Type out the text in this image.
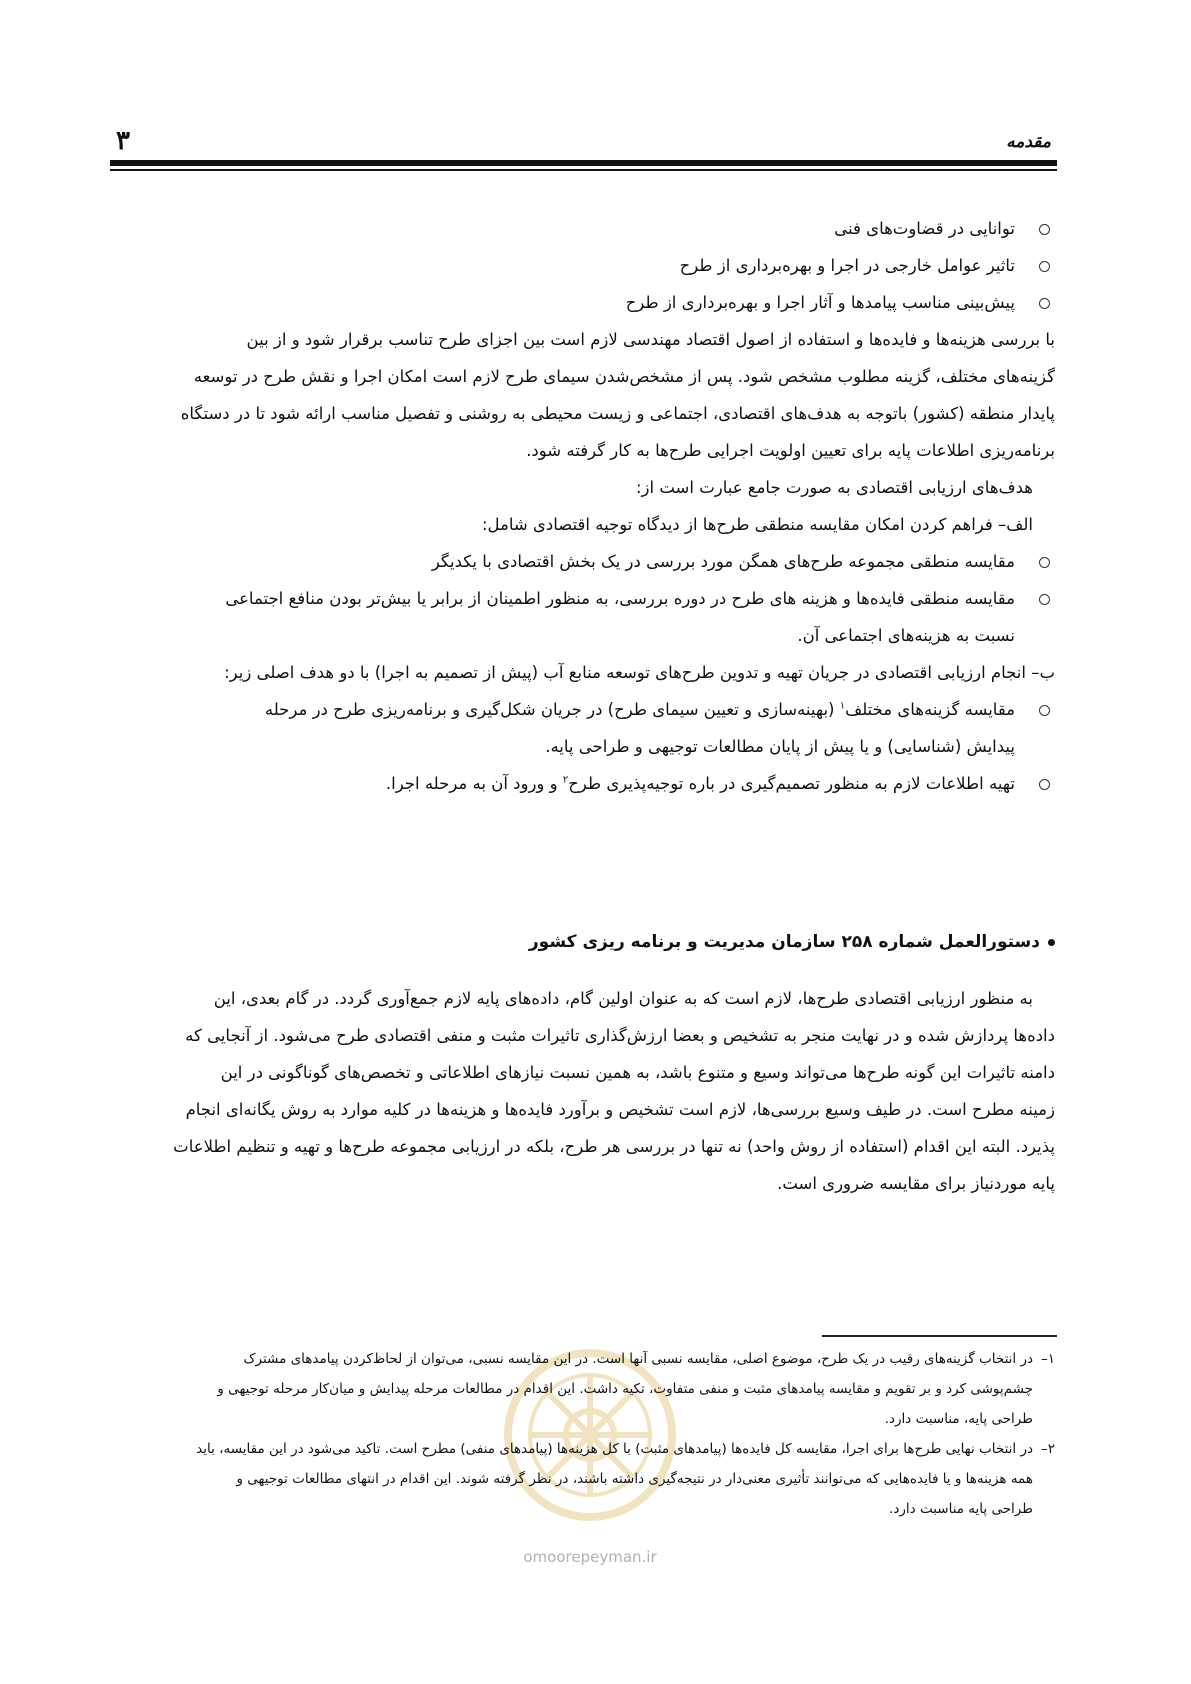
۳	مقدمه
توانایی در قضاوت‌های فنی
تاثیر عوامل خارجی در اجرا و بهره‌برداری از طرح
پیش‌بینی مناسب پیامدها و آثار اجرا و بهره‌برداری از طرح
با بررسی هزینه‌ها و فایده‌ها و استفاده از اصول اقتصاد مهندسی لازم است بین اجزای طرح تناسب برقرار شود و از بین
گزینه‌های مختلف، گزینه مطلوب مشخص شود. پس از مشخص‌شدن سیمای طرح لازم است امکان اجرا و نقش طرح در توسعه
پایدار منطقه (کشور) باتوجه به هدف‌های اقتصادی، اجتماعی و زیست محیطی به روشنی و تفصیل مناسب ارائه شود تا در دستگاه
برنامه‌ریزی اطلاعات پایه برای تعیین اولویت اجرایی طرح‌ها به کار گرفته شود.
هدف‌های ارزیابی اقتصادی به صورت جامع عبارت است از:
الف– فراهم کردن امکان مقایسه منطقی طرح‌ها از دیدگاه توجیه اقتصادی شامل:
مقایسه منطقی مجموعه طرح‌های همگن مورد بررسی در یک بخش اقتصادی با یکدیگر
مقایسه منطقی فایده‌ها و هزینه های طرح در دوره بررسی، به منظور اطمینان از برابر یا بیش‌تر بودن منافع اجتماعی
نسبت به هزینه‌های اجتماعی آن.
ب– انجام ارزیابی اقتصادی در جریان تهیه و تدوین طرح‌های توسعه منابع آب (پیش از تصمیم به اجرا) با دو هدف اصلی زیر:
مقایسه گزینه‌های مختلف$^۱$ (بهینه‌سازی و تعیین سیمای طرح) در جریان شکل‌گیری و برنامه‌ریزی طرح در مرحله
پیدایش (شناسایی) و یا پیش از پایان مطالعات توجیهی و طراحی پایه.
تهیه اطلاعات لازم به منظور تصمیم‌گیری در باره توجیه‌پذیری طرح$^۲$ و ورود آن به مرحله اجرا.
دستورالعمل شماره ۲۵۸ سازمان مدیریت و برنامه ریزی کشور
به منظور ارزیابی اقتصادی طرح‌ها، لازم است که به عنوان اولین گام، داده‌های پایه لازم جمع‌آوری گردد. در گام بعدی، این
داده‌ها پردازش شده و در نهایت منجر به تشخیص و بعضا ارزش‌گذاری تاثیرات مثبت و منفی اقتصادی طرح می‌شود. از آنجایی که
دامنه تاثیرات این گونه طرح‌ها می‌تواند وسیع و متنوع باشد، به همین نسبت نیازهای اطلاعاتی و تخصص‌های گوناگونی در این
زمینه مطرح است. در طیف وسیع بررسی‌ها، لازم است تشخیص و برآورد فایده‌ها و هزینه‌ها در کلیه موارد به روش یگانه‌ای انجام
پذیرد. البته این اقدام (استفاده از روش واحد) نه تنها در بررسی هر طرح، بلکه در ارزیابی مجموعه طرح‌ها و تهیه و تنظیم اطلاعات
پایه موردنیاز برای مقایسه ضروری است.
۱–
در انتخاب گزینه‌های رقیب در یک طرح، موضوع اصلی، مقایسه نسبی آنها است. در این مقایسه نسبی، می‌توان از لحاظ‌کردن پیامدهای مشترک
چشم‌پوشی کرد و بر تقویم و مقایسه پیامدهای مثبت و منفی متفاوت، تکیه داشت. این اقدام در مطالعات مرحله پیدایش و میان‌کار مرحله توجیهی و
طراحی پایه، مناسبت دارد.
۲–
در انتخاب نهایی طرح‌ها برای اجرا، مقایسه کل فایده‌ها (پیامدهای مثبت) با کل هزینه‌ها (پیامدهای منفی) مطرح است. تاکید می‌شود در این مقایسه، باید
همه هزینه‌ها و یا فایده‌هایی که می‌توانند تأثیری معنی‌دار در نتیجه‌گیری داشته باشند، در نظر گرفته شوند. این اقدام در انتهای مطالعات توجیهی و
طراحی پایه مناسبت دارد.
omoorepeyman.ir
